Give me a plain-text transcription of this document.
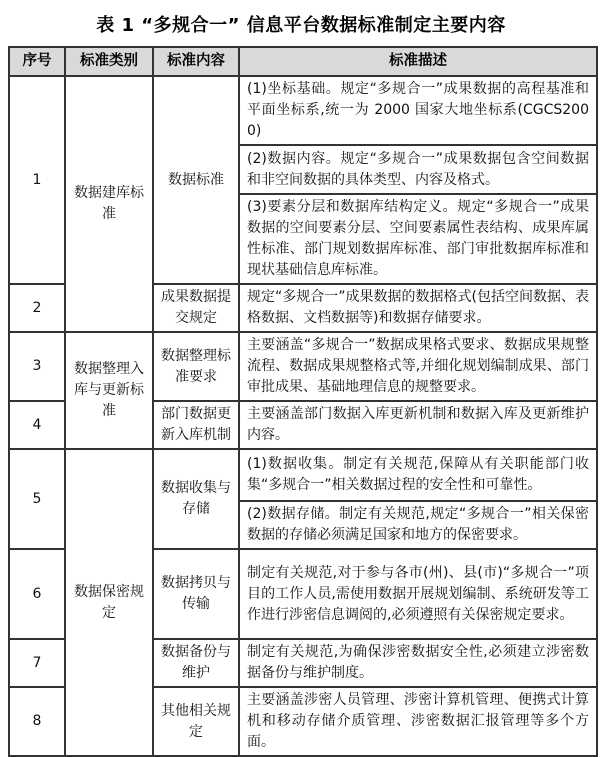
表 1 “多规合一” 信息平台数据标准制定主要内容
序号	标准类别	标准内容	标准描述
1	数据建库标准	数据标准	(1)坐标基础。规定“多规合一”成果数据的高程基准和平面坐标系,统一为 2000 国家大地坐标系(CGCS2000)
			(2)数据内容。规定“多规合一”成果数据包含空间数据和非空间数据的具体类型、内容及格式。
			(3)要素分层和数据库结构定义。规定“多规合一”成果数据的空间要素分层、空间要素属性表结构、成果库属性标准、部门规划数据库标准、部门审批数据库标准和现状基础信息库标准。
2		成果数据提交规定	规定“多规合一”成果数据的数据格式(包括空间数据、表格数据、文档数据等)和数据存储要求。
3	数据整理入库与更新标准	数据整理标准要求	主要涵盖“多规合一”数据成果格式要求、数据成果规整流程、数据成果规整格式等,并细化规划编制成果、部门审批成果、基础地理信息的规整要求。
4		部门数据更新入库机制	主要涵盖部门数据入库更新机制和数据入库及更新维护内容。
5	数据保密规定	数据收集与存储	(1)数据收集。制定有关规范,保障从有关职能部门收集“多规合一”相关数据过程的安全性和可靠性。
			(2)数据存储。制定有关规范,规定“多规合一”相关保密数据的存储必须满足国家和地方的保密要求。
6		数据拷贝与传输	制定有关规范,对于参与各市(州)、县(市)“多规合一”项目的工作人员,需使用数据开展规划编制、系统研发等工作进行涉密信息调阅的,必须遵照有关保密规定要求。
7		数据备份与维护	制定有关规范,为确保涉密数据安全性,必须建立涉密数据备份与维护制度。
8		其他相关规定	主要涵盖涉密人员管理、涉密计算机管理、便携式计算机和移动存储介质管理、涉密数据汇报管理等多个方面。
